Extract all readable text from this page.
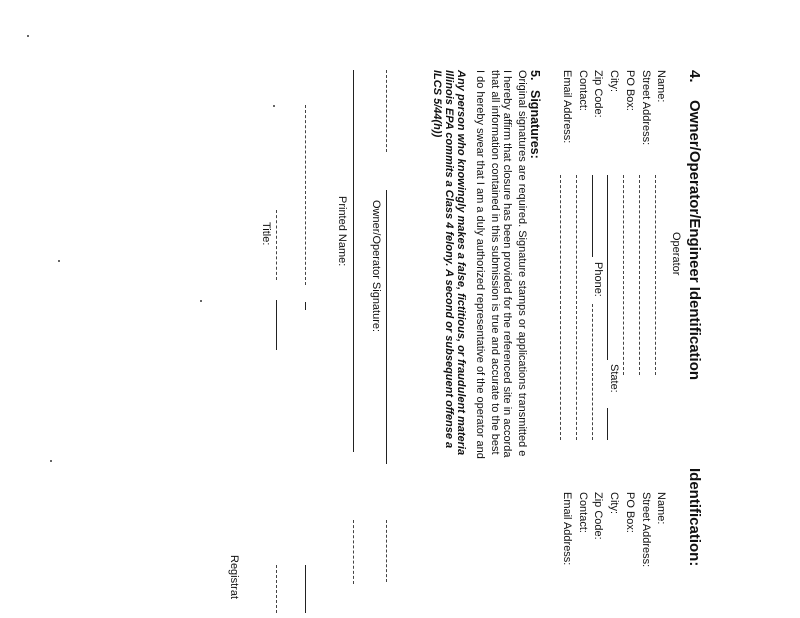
4.
Owner/Operator/Engineer Identification
Identification:
Operator
Name:
Street Address:
PO Box:
City:
Zip Code:
Contact:
Email Address:
State:
Phone:
Name:
Street Address:
PO Box:
City:
Zip Code:
Contact:
Email Address:
5.
Signatures:
Original signatures are required. Signature stamps or applications transmitted e
I hereby affirm that closure has been provided for the referenced site in accorda
that all information contained in this submission is true and accurate to the best
I do hereby swear that I am a duly authorized representative of the operator and
Any person who knowingly makes a false, fictitious, or fraudulent materia
Illinois EPA commits a Class 4 felony. A second or subsequent offense a
ILCS 5/44(h))
Owner/Operator Signature:
Printed Name:
Title:
Registrat
